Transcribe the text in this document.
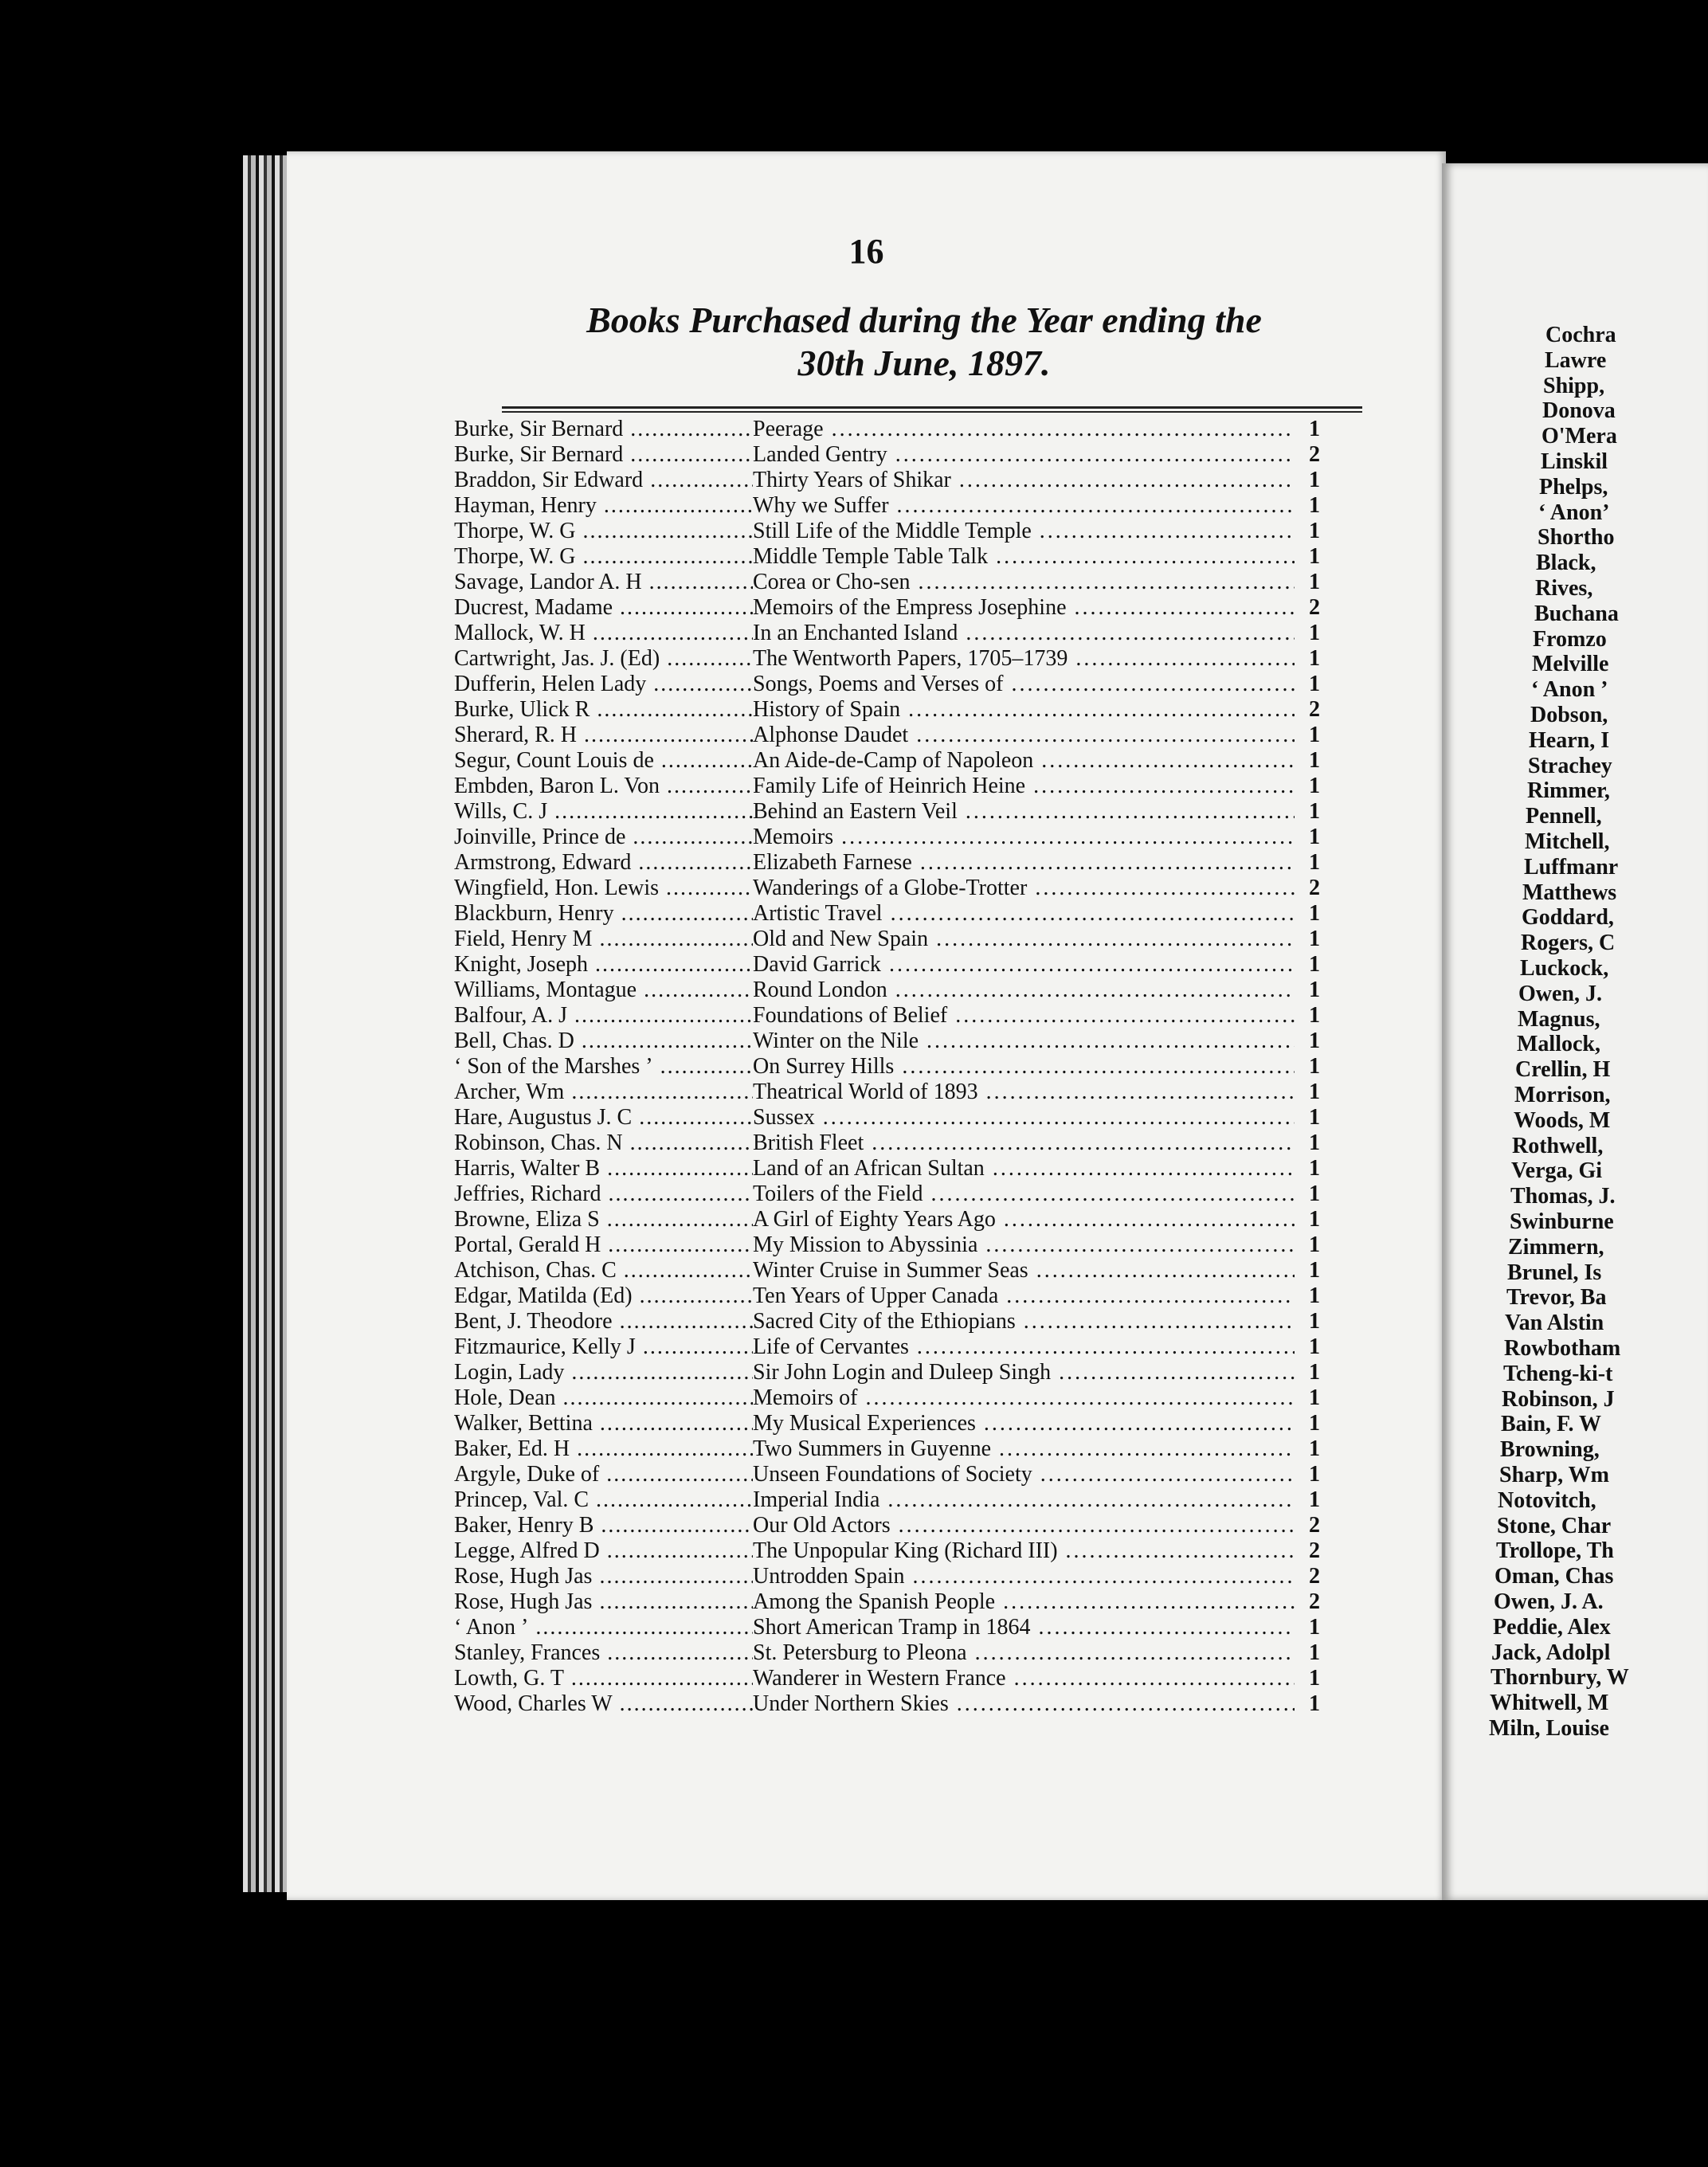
16
Books Purchased during the Year ending the
30th June, 1897.
Burke, Sir Bernard .....	Peerage .....	1
Burke, Sir Bernard .....	Landed Gentry .....	2
Braddon, Sir Edward .....	Thirty Years of Shikar .....	1
Hayman, Henry .....	Why we Suffer .....	1
Thorpe, W. G .....	Still Life of the Middle Temple .....	1
Thorpe, W. G .....	Middle Temple Table Talk .....	1
Savage, Landor A. H .....	Corea or Cho-sen .....	1
Ducrest, Madame .....	Memoirs of the Empress Josephine .....	2
Mallock, W. H .....	In an Enchanted Island .....	1
Cartwright, Jas. J. (Ed) .....	The Wentworth Papers, 1705–1739 .....	1
Dufferin, Helen Lady .....	Songs, Poems and Verses of .....	1
Burke, Ulick R .....	History of Spain .....	2
Sherard, R. H .....	Alphonse Daudet .....	1
Segur, Count Louis de .....	An Aide-de-Camp of Napoleon .....	1
Embden, Baron L. Von .....	Family Life of Heinrich Heine .....	1
Wills, C. J .....	Behind an Eastern Veil .....	1
Joinville, Prince de .....	Memoirs .....	1
Armstrong, Edward .....	Elizabeth Farnese .....	1
Wingfield, Hon. Lewis .....	Wanderings of a Globe-Trotter .....	2
Blackburn, Henry .....	Artistic Travel .....	1
Field, Henry M .....	Old and New Spain .....	1
Knight, Joseph .....	David Garrick .....	1
Williams, Montague .....	Round London .....	1
Balfour, A. J .....	Foundations of Belief .....	1
Bell, Chas. D .....	Winter on the Nile .....	1
‘ Son of the Marshes ’ .....	On Surrey Hills .....	1
Archer, Wm .....	Theatrical World of 1893 .....	1
Hare, Augustus J. C .....	Sussex .....	1
Robinson, Chas. N .....	British Fleet .....	1
Harris, Walter B .....	Land of an African Sultan .....	1
Jeffries, Richard .....	Toilers of the Field .....	1
Browne, Eliza S .....	A Girl of Eighty Years Ago .....	1
Portal, Gerald H .....	My Mission to Abyssinia .....	1
Atchison, Chas. C .....	Winter Cruise in Summer Seas .....	1
Edgar, Matilda (Ed) .....	Ten Years of Upper Canada .....	1
Bent, J. Theodore .....	Sacred City of the Ethiopians .....	1
Fitzmaurice, Kelly J .....	Life of Cervantes .....	1
Login, Lady .....	Sir John Login and Duleep Singh .....	1
Hole, Dean .....	Memoirs of .....	1
Walker, Bettina .....	My Musical Experiences .....	1
Baker, Ed. H .....	Two Summers in Guyenne .....	1
Argyle, Duke of .....	Unseen Foundations of Society .....	1
Princep, Val. C .....	Imperial India .....	1
Baker, Henry B .....	Our Old Actors .....	2
Legge, Alfred D .....	The Unpopular King (Richard III) .....	2
Rose, Hugh Jas .....	Untrodden Spain .....	2
Rose, Hugh Jas .....	Among the Spanish People .....	2
‘ Anon ’ .....	Short American Tramp in 1864 .....	1
Stanley, Frances .....	St. Petersburg to Pleona .....	1
Lowth, G. T .....	Wanderer in Western France .....	1
Wood, Charles W .....	Under Northern Skies .....	1
Cochra
Lawre
Shipp,
Donova
O'Mera
Linskil
Phelps,
‘ Anon’
Shortho
Black,
Rives,
Buchana
Fromzo
Melville
‘ Anon ’
Dobson,
Hearn, I
Strachey
Rimmer,
Pennell,
Mitchell,
Luffmanr
Matthews
Goddard,
Rogers, C
Luckock,
Owen, J.
Magnus,
Mallock,
Crellin, H
Morrison,
Woods, M
Rothwell,
Verga, Gi
Thomas, J.
Swinburne
Zimmern,
Brunel, Is
Trevor, Ba
Van Alstin
Rowbotham
Tcheng-ki-t
Robinson, J
Bain, F. W
Browning,
Sharp, Wm
Notovitch,
Stone, Char
Trollope, Th
Oman, Chas
Owen, J. A.
Peddie, Alex
Jack, Adolpl
Thornbury, W
Whitwell, M
Miln, Louise
